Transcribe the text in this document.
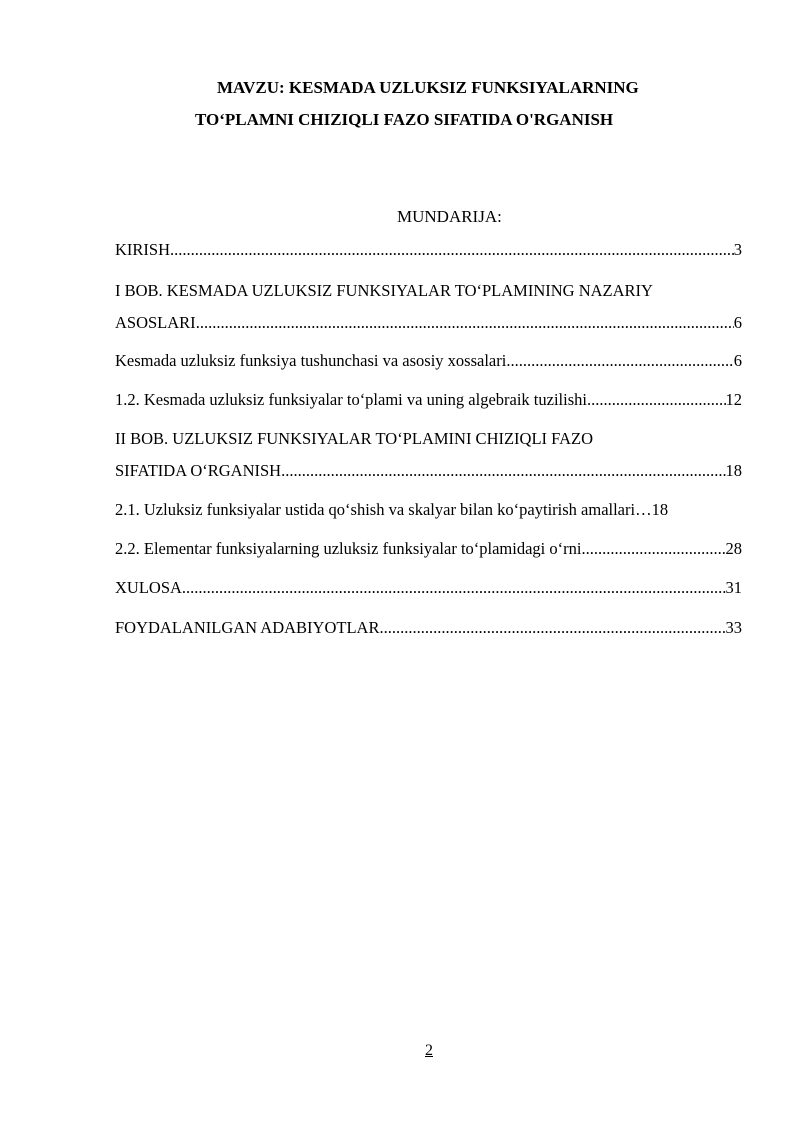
MAVZU: KESMADA UZLUKSIZ FUNKSIYALARNING
TO‘PLAMNI CHIZIQLI FAZO SIFATIDA O'RGANISH
MUNDARIJA:
KIRISH .....	3
I BOB. KESMADA UZLUKSIZ FUNKSIYALAR TO‘PLAMINING NAZARIY
ASOSLARI .....	6
Kesmada uzluksiz funksiya tushunchasi va asosiy xossalari .....	6
1.2. Kesmada uzluksiz funksiyalar to‘plami va uning algebraik tuzilishi .....	12
II BOB. UZLUKSIZ FUNKSIYALAR TO‘PLAMINI CHIZIQLI FAZO
SIFATIDA O‘RGANISH .....	18
2.1. Uzluksiz funksiyalar ustida qo‘shish va skalyar bilan ko‘paytirish amallari… 18
2.2. Elementar funksiyalarning uzluksiz funksiyalar to‘plamidagi o‘rni .....	28
XULOSA .....	31
FOYDALANILGAN ADABIYOTLAR .....	33
2
